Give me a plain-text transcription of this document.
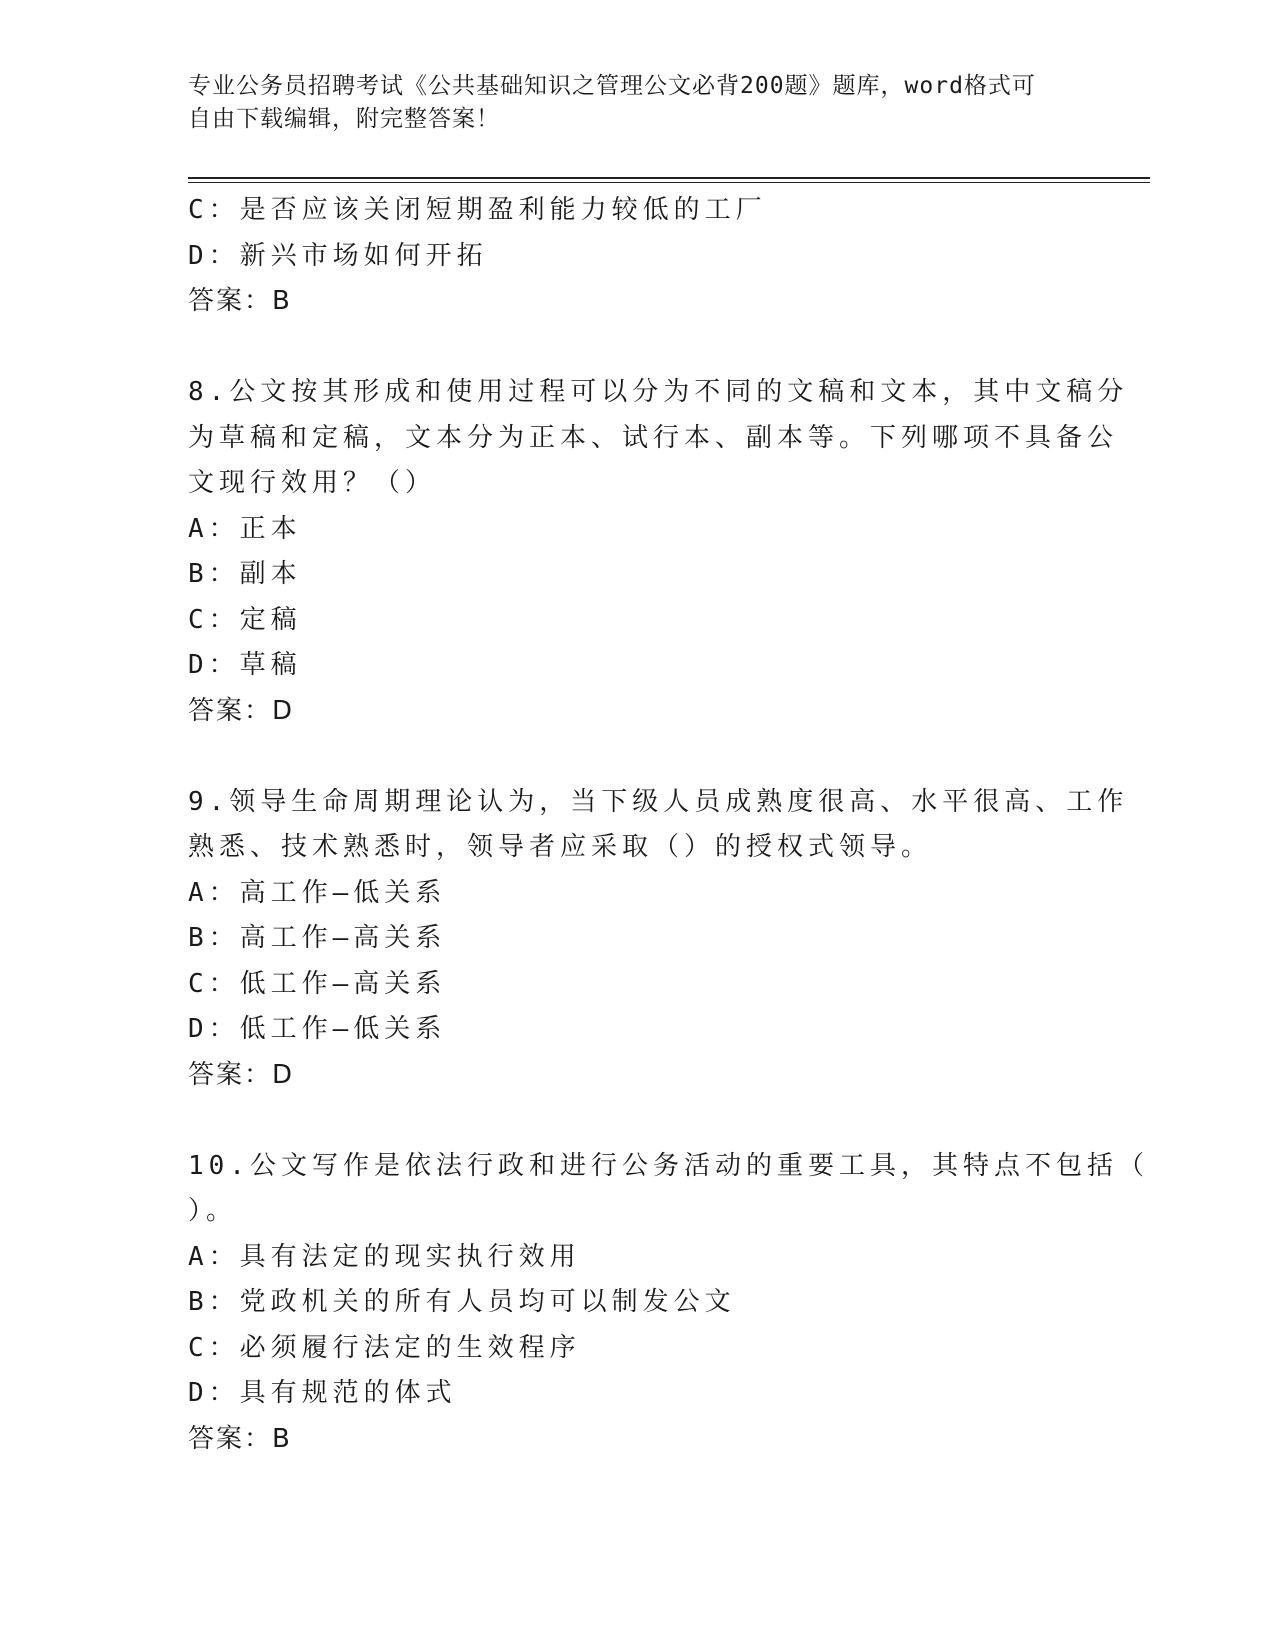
专业公务员招聘考试《公共基础知识之管理公文必背200题》题库，word格式可
自由下载编辑，附完整答案！
C：是否应该关闭短期盈利能力较低的工厂
D：新兴市场如何开拓
答案：B
8.公文按其形成和使用过程可以分为不同的文稿和文本，其中文稿分
为草稿和定稿，文本分为正本、试行本、副本等。下列哪项不具备公
文现行效用？（）
A：正本
B：副本
C：定稿
D：草稿
答案：D
9.领导生命周期理论认为，当下级人员成熟度很高、水平很高、工作
熟悉、技术熟悉时，领导者应采取（）的授权式领导。
A：高工作—低关系
B：高工作—高关系
C：低工作—高关系
D：低工作—低关系
答案：D
10.公文写作是依法行政和进行公务活动的重要工具，其特点不包括（
）。
A：具有法定的现实执行效用
B：党政机关的所有人员均可以制发公文
C：必须履行法定的生效程序
D：具有规范的体式
答案：B
